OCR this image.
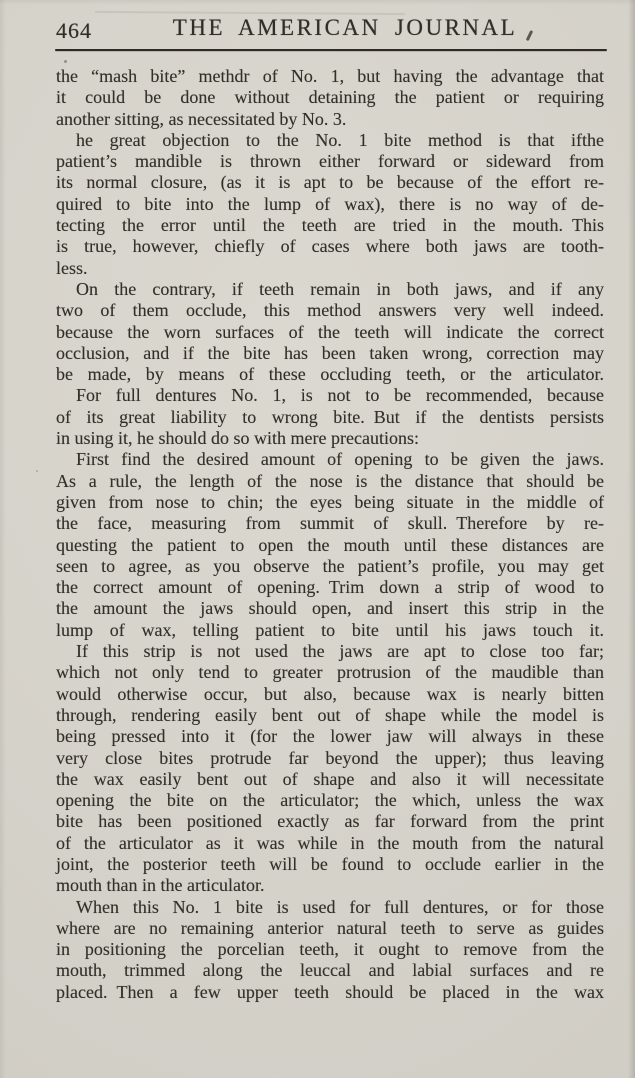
464	THE AMERICAN JOURNAL
the “mash bite” methdr of No. 1, but having the advantage that
it could be done without detaining the patient or requiring
another sitting, as necessitated by No. 3.
he great objection to the No. 1 bite method is that ifthe
patient’s mandible is thrown either forward or sideward from
its normal closure, (as it is apt to be because of the effort re-
quired to bite into the lump of wax), there is no way of de-
tecting the error until the teeth are tried in the mouth. This
is true, however, chiefly of cases where both jaws are tooth-
less.
On the contrary, if teeth remain in both jaws, and if any
two of them occlude, this method answers very well indeed.
because the worn surfaces of the teeth will indicate the correct
occlusion, and if the bite has been taken wrong, correction may
be made, by means of these occluding teeth, or the articulator.
For full dentures No. 1, is not to be recommended, because
of its great liability to wrong bite. But if the dentists persists
in using it, he should do so with mere precautions:
First find the desired amount of opening to be given the jaws.
As a rule, the length of the nose is the distance that should be
given from nose to chin; the eyes being situate in the middle of
the face, measuring from summit of skull. Therefore by re-
questing the patient to open the mouth until these distances are
seen to agree, as you observe the patient’s profile, you may get
the correct amount of opening. Trim down a strip of wood to
the amount the jaws should open, and insert this strip in the
lump of wax, telling patient to bite until his jaws touch it.
If this strip is not used the jaws are apt to close too far;
which not only tend to greater protrusion of the maudible than
would otherwise occur, but also, because wax is nearly bitten
through, rendering easily bent out of shape while the model is
being pressed into it (for the lower jaw will always in these
very close bites protrude far beyond the upper); thus leaving
the wax easily bent out of shape and also it will necessitate
opening the bite on the articulator; the which, unless the wax
bite has been positioned exactly as far forward from the print
of the articulator as it was while in the mouth from the natural
joint, the posterior teeth will be found to occlude earlier in the
mouth than in the articulator.
When this No. 1 bite is used for full dentures, or for those
where are no remaining anterior natural teeth to serve as guides
in positioning the porcelian teeth, it ought to remove from the
mouth, trimmed along the leuccal and labial surfaces and re
placed. Then a few upper teeth should be placed in the wax
